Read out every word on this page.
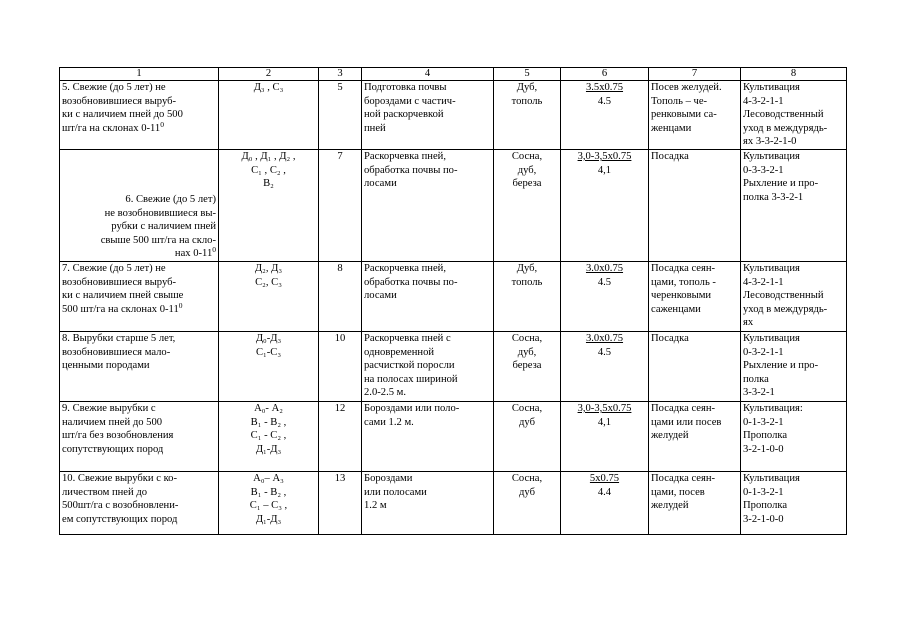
1	2	3	4	5	6	7	8
5. Свежие (до 5 лет) не
возобновившиеся выруб-
ки с наличием пней до 500
шт/га на склонах $0-11^0$	Д₃ , С₃	5	Подготовка почвы
бороздами с частич-
ной раскорчевкой
пней	Дуб,
тополь	$\frac{3.5х0.75}{4.5}$	Посев желудей.
Тополь – че-
ренковыми са-
женцами	Культивация
4-3-2-1-1
Лесоводственный
уход в междурядь-
ях 3-3-2-1-0
6. Свежие (до 5 лет)
не возобновившиеся вы-
рубки с наличием пней
свыше 500 шт/га на скло-
нах $0-11^0$	Д₀ , Д₁ , Д₂ ,
С₁ , С₂ ,
В₂	7	Раскорчевка пней,
обработка почвы по-
лосами	Сосна,
дуб,
береза	$\frac{3,0-3,5х0.75}{4,1}$	Посадка	Культивация
0-3-3-2-1
Рыхление и про-
полка 3-3-2-1
7. Свежие (до 5 лет) не
возобновившиеся выруб-
ки с наличием пней свыше
500 шт/га на склонах $0-11^0$	Д₂, Д₃
С₂, С₃	8	Раскорчевка пней,
обработка почвы по-
лосами	Дуб,
тополь	$\frac{3.0х0.75}{4.5}$	Посадка сеян-
цами, тополь -
черенковыми
саженцами	Культивация
4-3-2-1-1
Лесоводственный
уход в междурядь-
ях
8. Вырубки старше 5 лет,
возобновившиеся мало-
ценными породами	Д₀-Д₃
С₁-С₃	10	Раскорчевка пней с
одновременной
расчисткой поросли
на полосах шириной
2.0-2.5 м.	Сосна,
дуб,
береза	$\frac{3.0х0.75}{4.5}$	Посадка	Культивация
0-3-2-1-1
Рыхление и про-
полка
3-3-2-1
9. Свежие вырубки с
наличием пней до 500
шт/га без возобновления
сопутствующих пород	А₀- А₂
В₁ - В₂ ,
С₁ - С₂ ,
Д₁-Д₃	12	Бороздами или поло-
сами 1.2 м.	Сосна,
дуб	$\frac{3,0-3,5х0.75}{4,1}$	Посадка сеян-
цами или посев
желудей	Культивация:
0-1-3-2-1
Прополка
3-2-1-0-0
10. Свежие вырубки с ко-
личеством пней до
500шт/га с возобновлени-
ем сопутствующих пород	А₀– А₃
В₁ - В₂ ,
С₁ – С₃ ,
Д₁-Д₃	13	Бороздами
или полосами
1.2 м	Сосна,
дуб	$\frac{5х0.75}{4.4}$	Посадка сеян-
цами, посев
желудей	Культивация
0-1-3-2-1
Прополка
3-2-1-0-0
